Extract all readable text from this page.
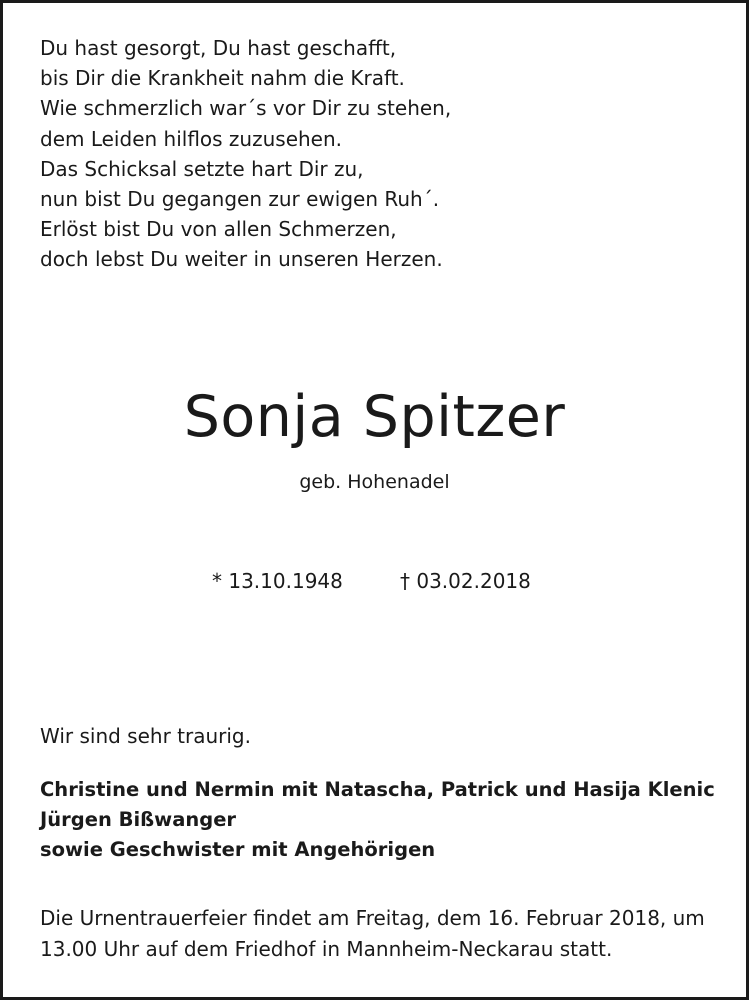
Du hast gesorgt, Du hast geschafft,
bis Dir die Krankheit nahm die Kraft.
Wie schmerzlich war´s vor Dir zu stehen,
dem Leiden hilflos zuzusehen.
Das Schicksal setzte hart Dir zu,
nun bist Du gegangen zur ewigen Ruh´.
Erlöst bist Du von allen Schmerzen,
doch lebst Du weiter in unseren Herzen.
Sonja Spitzer
geb. Hohenadel
* 13.10.1948	† 03.02.2018
Wir sind sehr traurig.
Christine und Nermin mit Natascha, Patrick und Hasija Klenic
Jürgen Bißwanger
sowie Geschwister mit Angehörigen
Die Urnentrauerfeier findet am Freitag, dem 16. Februar 2018, um
13.00 Uhr auf dem Friedhof in Mannheim-Neckarau statt.
